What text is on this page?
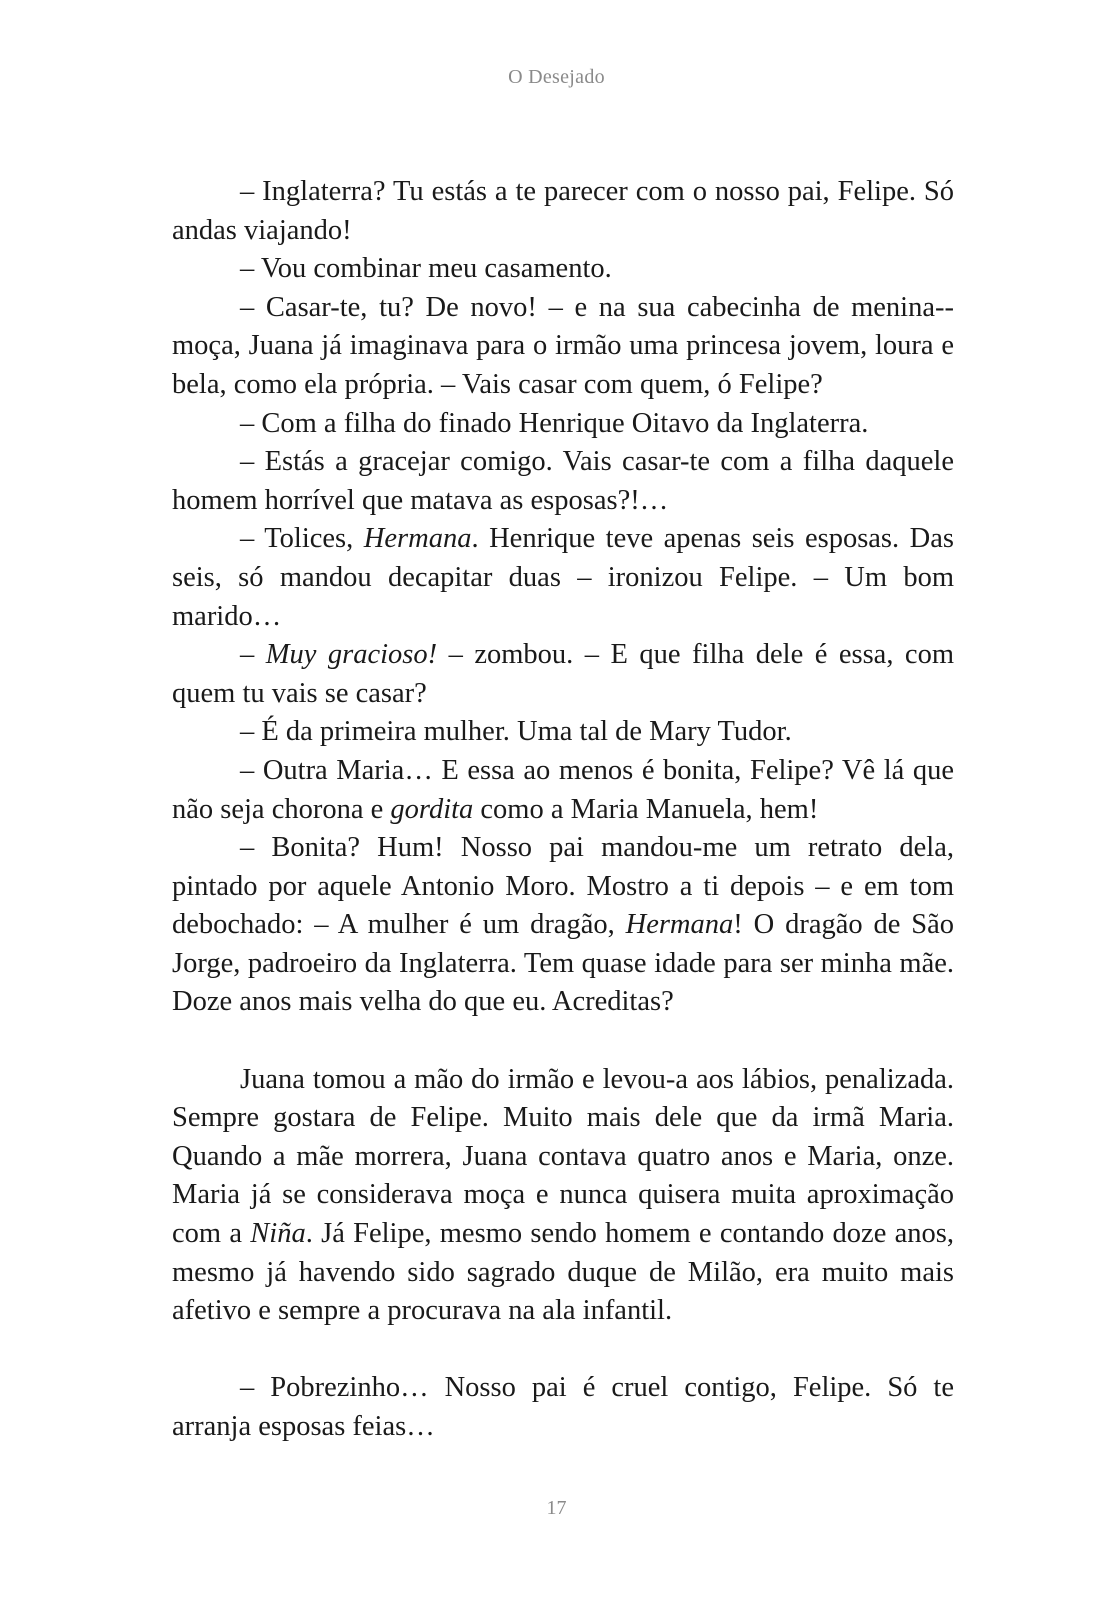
O Desejado

– Inglaterra? Tu estás a te parecer com o nosso pai, Felipe. Só andas viajando!

– Vou combinar meu casamento.

– Casar-te, tu? De novo! – e na sua cabecinha de menina-moça, Juana já imaginava para o irmão uma princesa jovem, loura e bela, como ela própria. – Vais casar com quem, ó Felipe?

– Com a filha do finado Henrique Oitavo da Inglaterra.

– Estás a gracejar comigo. Vais casar-te com a filha daquele homem horrível que matava as esposas?!…

– Tolices, Hermana. Henrique teve apenas seis esposas. Das seis, só mandou decapitar duas – ironizou Felipe. – Um bom marido…

– Muy gracioso! – zombou. – E que filha dele é essa, com quem tu vais se casar?

– É da primeira mulher. Uma tal de Mary Tudor.

– Outra Maria… E essa ao menos é bonita, Felipe? Vê lá que não seja chorona e gordita como a Maria Manuela, hem!

– Bonita? Hum! Nosso pai mandou-me um retrato dela, pintado por aquele Antonio Moro. Mostro a ti depois – e em tom debochado: – A mulher é um dragão, Hermana! O dragão de São Jorge, padroeiro da Inglaterra. Tem quase idade para ser minha mãe. Doze anos mais velha do que eu. Acreditas?

Juana tomou a mão do irmão e levou-a aos lábios, penalizada. Sempre gostara de Felipe. Muito mais dele que da irmã Maria. Quando a mãe morrera, Juana contava quatro anos e Maria, onze. Maria já se considerava moça e nunca quisera muita aproximação com a Niña. Já Felipe, mesmo sendo homem e contando doze anos, mesmo já havendo sido sagrado duque de Milão, era muito mais afetivo e sempre a procurava na ala infantil.

– Pobrezinho… Nosso pai é cruel contigo, Felipe. Só te arranja esposas feias…

17
